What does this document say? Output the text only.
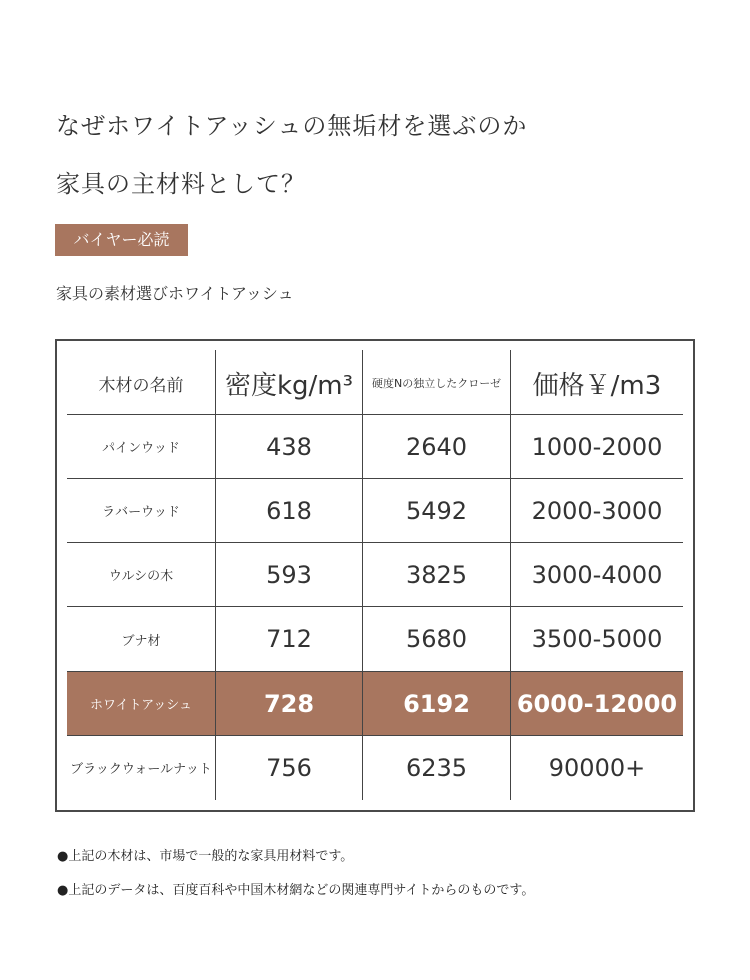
なぜホワイトアッシュの無垢材を選ぶのか
家具の主材料として？
バイヤー必読
家具の素材選びホワイトアッシュ
木材の名前	密度kg/m³	硬度Nの独立したクローゼ	価格￥/m3
パインウッド	438	2640	1000-2000
ラバーウッド	618	5492	2000-3000
ウルシの木	593	3825	3000-4000
ブナ材	712	5680	3500-5000
ホワイトアッシュ	728	6192	6000-12000
ブラックウォールナット	756	6235	90000+
●上記の木材は、市場で一般的な家具用材料です。
●上記のデータは、百度百科や中国木材網などの関連専門サイトからのものです。
